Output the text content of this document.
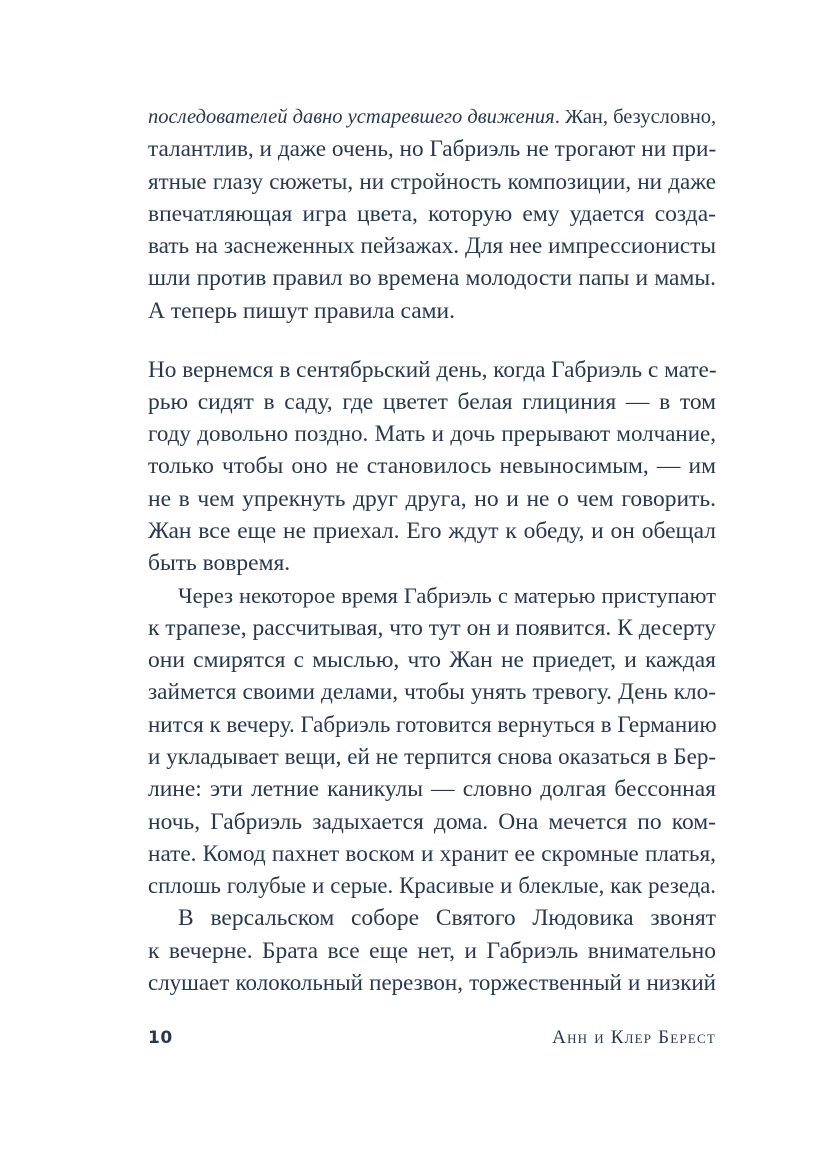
последователей давно устаревшего движения. Жан, безусловно,
талантлив, и даже очень, но Габриэль не трогают ни при-
ятные глазу сюжеты, ни стройность композиции, ни даже
впечатляющая игра цвета, которую ему удается созда-
вать на заснеженных пейзажах. Для нее импрессионисты
шли против правил во времена молодости папы и мамы.
А теперь пишут правила сами.
Но вернемся в сентябрьский день, когда Габриэль с мате-
рью сидят в саду, где цветет белая глициния — в том
году довольно поздно. Мать и дочь прерывают молчание,
только чтобы оно не становилось невыносимым, — им
не в чем упрекнуть друг друга, но и не о чем говорить.
Жан все еще не приехал. Его ждут к обеду, и он обещал
быть вовремя.
Через некоторое время Габриэль с матерью приступают
к трапезе, рассчитывая, что тут он и появится. К десерту
они смирятся с мыслью, что Жан не приедет, и каждая
займется своими делами, чтобы унять тревогу. День кло-
нится к вечеру. Габриэль готовится вернуться в Германию
и укладывает вещи, ей не терпится снова оказаться в Бер-
лине: эти летние каникулы — словно долгая бессонная
ночь, Габриэль задыхается дома. Она мечется по ком-
нате. Комод пахнет воском и хранит ее скромные платья,
сплошь голубые и серые. Красивые и блеклые, как резеда.
В версальском соборе Святого Людовика звонят
к вечерне. Брата все еще нет, и Габриэль внимательно
слушает колокольный перезвон, торжественный и низкий
10	Анн и Клер Берест
